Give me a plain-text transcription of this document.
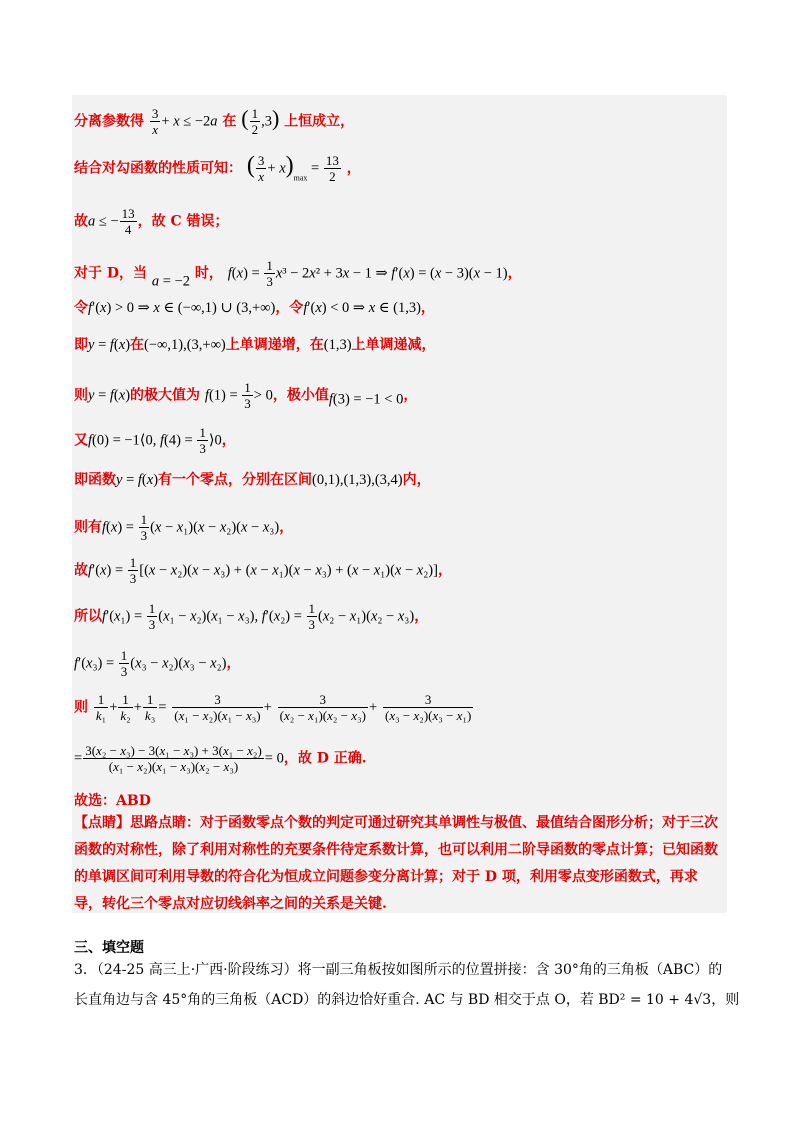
分离参数得 $\frac{3}{x} + x \le -2a$ 在 ( $\frac{1}{2} ,3$) 上恒成立，
结合对勾函数的性质可知： ( $\frac{3}{x} + x)_{max} = \frac{13}{2}$ ，
故a ≤ − $\frac{13}{4}$ ，故 C 错误；
对于 D，当 a = −2 时， $f(x) = \frac{1}{3} x^3 - 2x^2 + 3x - 1$ ⇒ f′(x) = (x − 3)(x − 1)，
令f′(x) > 0 ⇒ x ∈ (−∞,1) ∪ (3,+∞)，令f′(x) < 0 ⇒ x ∈ (1,3)，
即y = f(x)在(−∞,1),(3,+∞)上单调递增，在(1,3)上单调递减，
则y = f(x)的极大值为 $f(1) = \frac{1}{3} > 0$，极小值f(3) = −1 < 0，
又f(0) = −1⟨0, $f(4) = \frac{1}{3}$ ⟩0，
即函数y = f(x)有一个零点，分别在区间(0,1),(1,3),(3,4)内，
则有$f(x) = \frac{1}{3} (x - x_1)(x - x_2)(x - x_3)$，
故$f'(x) = \frac{1}{3} [(x - x_2)(x - x_3) + (x - x_1)(x - x_3) + (x - x_1)(x - x_2)]$，
所以$f'(x_1) = \frac{1}{3} (x_1 - x_2)(x_1 - x_3)$, $f'(x_2) = \frac{1}{3} (x_2 - x_1)(x_2 - x_3)$，
$f'(x_3) = \frac{1}{3} (x_3 - x_2)(x_3 - x_2)$，
则 $\frac{1}{\text{k₁}} + \frac{1}{\text{k₂}} + \frac{1}{\text{k₃}} = \frac{3}{\text{(x₁ − x₂)(x₁ − x₃)}} + \frac{3}{\text{(x₂ − x₁)(x₂ − x₃)}} + \frac{3}{\text{(x₃ − x₂)(x₃ − x₁)}}$
= $\frac{\text{3(x₂ − x₃) − 3(x₁ − x₃) + 3(x₁ − x₂)}}{\text{(x₁ − x₂)(x₁ − x₃)(x₂ − x₃)}} = 0$，故 D 正确.
故选：ABD
【点睛】思路点睛：对于函数零点个数的判定可通过研究其单调性与极值、最值结合图形分析；对于三次函数的对称性，除了利用对称性的充要条件待定系数计算，也可以利用二阶导函数的零点计算；已知函数的单调区间可利用导数的符合化为恒成立问题参变分离计算；对于 D 项，利用零点变形函数式，再求导，转化三个零点对应切线斜率之间的关系是关键.
三、填空题
3．（24-25 高三上·广西·阶段练习）将一副三角板按如图所示的位置拼接：含 30°角的三角板（ABC）的
长直角边与含 45°角的三角板（ACD）的斜边恰好重合. AC 与 BD 相交于点 O，若 BD² = 10 + 4√3，则
